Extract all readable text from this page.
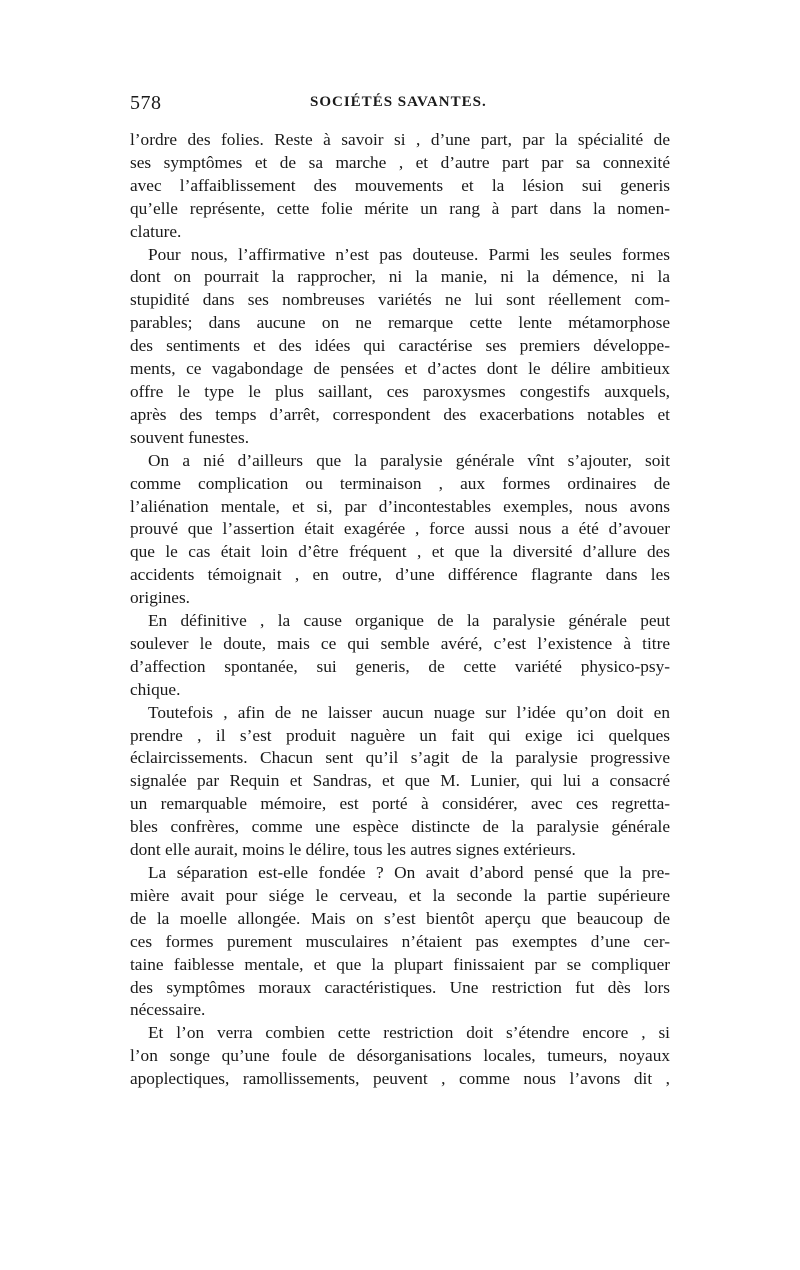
578	SOCIÉTÉS SAVANTES.

l’ordre des folies. Reste à savoir si , d’une part, par la spécialité de
ses symptômes et de sa marche , et d’autre part par sa connexité
avec l’affaiblissement des mouvements et la lésion sui generis
qu’elle représente, cette folie mérite un rang à part dans la nomen-
clature.

Pour nous, l’affirmative n’est pas douteuse. Parmi les seules formes
dont on pourrait la rapprocher, ni la manie, ni la démence, ni la
stupidité dans ses nombreuses variétés ne lui sont réellement com-
parables; dans aucune on ne remarque cette lente métamorphose
des sentiments et des idées qui caractérise ses premiers développe-
ments, ce vagabondage de pensées et d’actes dont le délire ambitieux
offre le type le plus saillant, ces paroxysmes congestifs auxquels,
après des temps d’arrêt, correspondent des exacerbations notables et
souvent funestes.

On a nié d’ailleurs que la paralysie générale vînt s’ajouter, soit
comme complication ou terminaison , aux formes ordinaires de
l’aliénation mentale, et si, par d’incontestables exemples, nous avons
prouvé que l’assertion était exagérée , force aussi nous a été d’avouer
que le cas était loin d’être fréquent , et que la diversité d’allure des
accidents témoignait , en outre, d’une différence flagrante dans les
origines.

En définitive , la cause organique de la paralysie générale peut
soulever le doute, mais ce qui semble avéré, c’est l’existence à titre
d’affection spontanée, sui generis, de cette variété physico-psy-
chique.

Toutefois , afin de ne laisser aucun nuage sur l’idée qu’on doit en
prendre , il s’est produit naguère un fait qui exige ici quelques
éclaircissements. Chacun sent qu’il s’agit de la paralysie progressive
signalée par Requin et Sandras, et que M. Lunier, qui lui a consacré
un remarquable mémoire, est porté à considérer, avec ces regretta-
bles confrères, comme une espèce distincte de la paralysie générale
dont elle aurait, moins le délire, tous les autres signes extérieurs.

La séparation est-elle fondée ? On avait d’abord pensé que la pre-
mière avait pour siége le cerveau, et la seconde la partie supérieure
de la moelle allongée. Mais on s’est bientôt aperçu que beaucoup de
ces formes purement musculaires n’étaient pas exemptes d’une cer-
taine faiblesse mentale, et que la plupart finissaient par se compliquer
des symptômes moraux caractéristiques. Une restriction fut dès lors
nécessaire.

Et l’on verra combien cette restriction doit s’étendre encore , si
l’on songe qu’une foule de désorganisations locales, tumeurs, noyaux
apoplectiques, ramollissements, peuvent , comme nous l’avons dit ,
